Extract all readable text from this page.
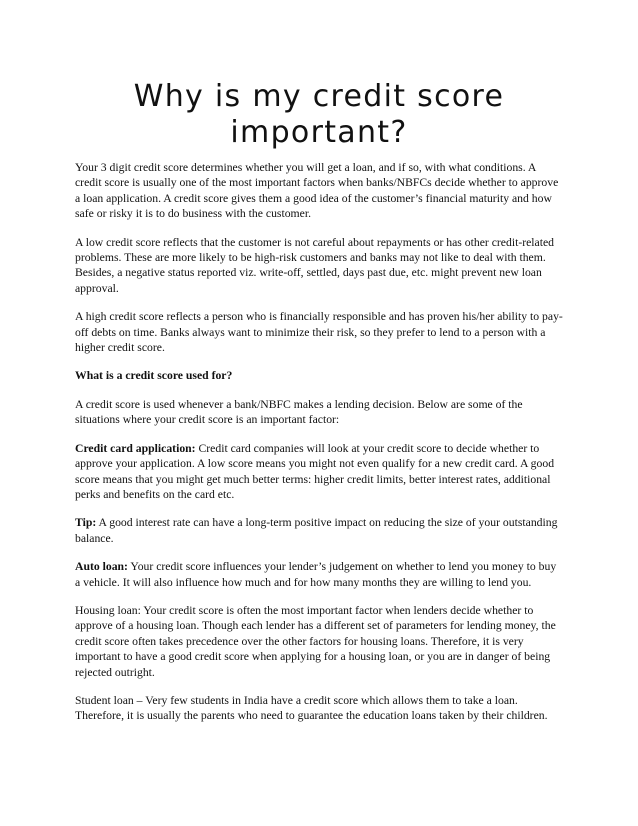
Why is my credit score
important?

Your 3 digit credit score determines whether you will get a loan, and if so, with what conditions. A credit score is usually one of the most important factors when banks/NBFCs decide whether to approve a loan application. A credit score gives them a good idea of the customer’s financial maturity and how safe or risky it is to do business with the customer.

A low credit score reflects that the customer is not careful about repayments or has other credit-related problems. These are more likely to be high-risk customers and banks may not like to deal with them. Besides, a negative status reported viz. write-off, settled, days past due, etc. might prevent new loan approval.

A high credit score reflects a person who is financially responsible and has proven his/her ability to pay-off debts on time. Banks always want to minimize their risk, so they prefer to lend to a person with a higher credit score.

What is a credit score used for?

A credit score is used whenever a bank/NBFC makes a lending decision. Below are some of the situations where your credit score is an important factor:

Credit card application: Credit card companies will look at your credit score to decide whether to approve your application. A low score means you might not even qualify for a new credit card. A good score means that you might get much better terms: higher credit limits, better interest rates, additional perks and benefits on the card etc.

Tip: A good interest rate can have a long-term positive impact on reducing the size of your outstanding balance.

Auto loan: Your credit score influences your lender’s judgement on whether to lend you money to buy a vehicle. It will also influence how much and for how many months they are willing to lend you.

Housing loan: Your credit score is often the most important factor when lenders decide whether to approve of a housing loan. Though each lender has a different set of parameters for lending money, the credit score often takes precedence over the other factors for housing loans. Therefore, it is very important to have a good credit score when applying for a housing loan, or you are in danger of being rejected outright.

Student loan – Very few students in India have a credit score which allows them to take a loan. Therefore, it is usually the parents who need to guarantee the education loans taken by their children.
